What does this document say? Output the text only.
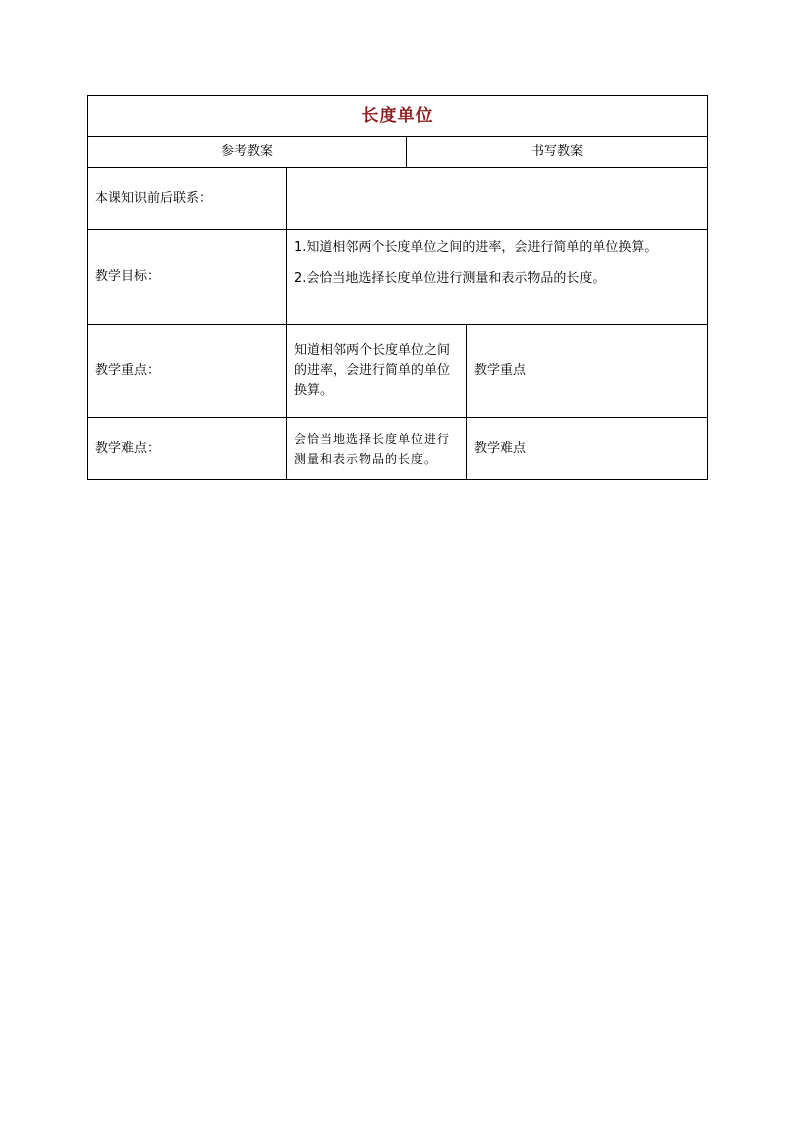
长度单位			
参考教案		书写教案	
本课知识前后联系：			
教学目标：	1.知道相邻两个长度单位之间的进率，会进行简单的单位换算。
2.会恰当地选择长度单位进行测量和表示物品的长度。		

教学重点：	知道相邻两个长度单位之间的进率，会进行简单的单位换算。		教学重点
教学难点：	会恰当地选择长度单位进行测量和表示物品的长度。		教学难点
